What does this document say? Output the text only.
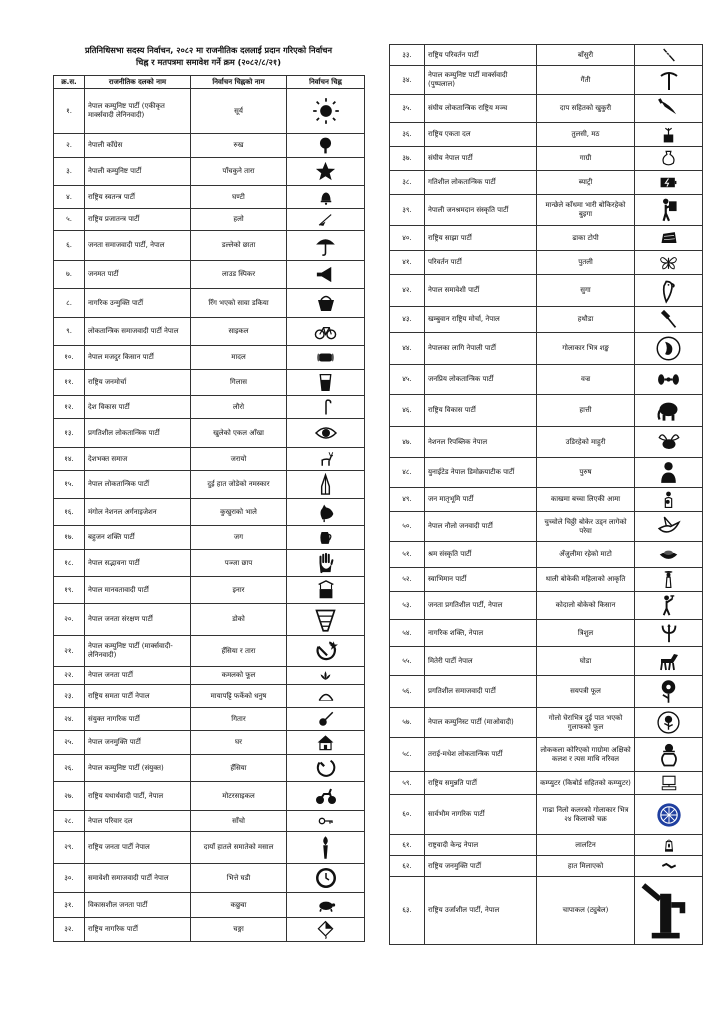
प्रतिनिधिसभा सदस्य निर्वाचन, २०८२ मा राजनीतिक दललाई प्रदान गरिएको निर्वाचन
चिह्न र मतपत्रमा समावेश गर्ने क्रम (२०८२/८/२१)
क्र.स.	राजनीतिक दलको नाम	निर्वाचन चिह्नको नाम	निर्वाचन चिह्न
१.	नेपाल कम्युनिष्ट पार्टी (एकीकृत मार्क्सवादी लेनिनवादी)	सूर्य	

२.	नेपाली काँग्रेस	रुख	

३.	नेपाली कम्युनिष्ट पार्टी	पाँचकुने तारा	

४.	राष्ट्रिय स्वतन्त्र पार्टी	घण्टी	

५.	राष्ट्रिय प्रजातन्त्र पार्टी	हलो	

६.	जनता समाजवादी पार्टी, नेपाल	डल्लेको छाता	

७.	जनमत पार्टी	लाउड स्पिकर	

८.	नागरिक उन्मुक्ति पार्टी	रिँग भएको सावा डकिया	

९.	लोकतान्त्रिक समाजवादी पार्टी नेपाल	साइकल	

१०.	नेपाल मजदुर किसान पार्टी	मादल	

११.	राष्ट्रिय जनमोर्चा	गिलास	

१२.	देश विकास पार्टी	लौरो	

१३.	प्रगतिशील लोकतान्त्रिक पार्टी	खुलेको एकल आँखा	

१४.	देशभक्त समाज	जरायो	

१५.	नेपाल लोकतान्त्रिक पार्टी	दुई हात जोडेको नमस्कार	

१६.	मंगोल नेशनल अर्गनाइजेशन	कुखुराको भाले	

१७.	बहुजन शक्ति पार्टी	जग	

१८.	नेपाल सद्भावना पार्टी	पञ्जा छाप	

१९.	नेपाल मानवतावादी पार्टी	इनार	

२०.	नेपाल जनता संरक्षण पार्टी	डोको	

२१.	नेपाल कम्युनिष्ट पार्टी (मार्क्सवादी-लेनिनवादी)	हँसिया र तारा	

२२.	नेपाल जनता पार्टी	कमलको फूल	

२३.	राष्ट्रिय समता पार्टी नेपाल	मायापट्टि फर्केको धनुष	

२४.	संयुक्त नागरिक पार्टी	गितार	

२५.	नेपाल जनमुक्ति पार्टी	घर	

२६.	नेपाल कम्युनिष्ट पार्टी (संयुक्त)	हँसिया	

२७.	राष्ट्रिय यथार्थवादी पार्टी, नेपाल	मोटरसाइकल	

२८.	नेपाल परिवार दल	साँचो	

२९.	राष्ट्रिय जनता पार्टी नेपाल	दायाँ हातले समातेको मसाल	

३०.	समावेशी समाजवादी पार्टी नेपाल	भित्ते घडी	

३१.	विकासशील जनता पार्टी	कछुवा	

३२.	राष्ट्रिय नागरिक पार्टी	चङ्गा	
३३.	राष्ट्रिय परिवर्तन पार्टी	बाँसुरी	

३४.	नेपाल कम्युनिष्ट पार्टी मार्क्सवादी (पुष्पलाल)	गैंती	

३५.	संघीय लोकतान्त्रिक राष्ट्रिय मञ्च	दाप सहितको खुकुरी	

३६.	राष्ट्रिय एकता दल	तुलसी, मठ	

३७.	संघीय नेपाल पार्टी	गाग्री	

३८.	गतिशील लोकतान्त्रिक पार्टी	ब्याट्री	

३९.	नेपाली जनश्रमदान संस्कृति पार्टी	मान्छेले काँधमा भारी बोकिरहेको बुइगा	

४०.	राष्ट्रिय साझा पार्टी	ढाका टोपी	

४१.	परिवर्तन पार्टी	पुतली	

४२.	नेपाल समावेशी पार्टी	सुगा	

४३.	खम्बुवान राष्ट्रिय मोर्चा, नेपाल	हथौडा	

४४.	नेपालका लागि नेपाली पार्टी	गोलाकार भित्र शङ्ख	

४५.	जनप्रिय लोकतान्त्रिक पार्टी	वज्र	

४६.	राष्ट्रिय विकास पार्टी	हात्ती	

४७.	नेशनल रिपब्लिक नेपाल	उडिरहेको माहुरी	

४८.	युनाईटेड नेपाल डिमोक्रयाटीक पार्टी	पुरुष	

४९.	जन मातृभूमि पार्टी	काखमा बच्चा लिएकी आमा	

५०.	नेपाल नौलो जनवादी पार्टी	चुच्चोले चिठ्ठी बोकेर उड्न लागेको परेवा	

५१.	श्रम संस्कृति पार्टी	अँजुलीमा रहेको माटो	

५२.	स्वाभिमान पार्टी	थाली बोकेकी महिलाको आकृति	

५३.	जनता प्रगतिशील पार्टी, नेपाल	कोदालो बोकेको किसान	

५४.	नागरिक शक्ति, नेपाल	त्रिशुल	

५५.	मितेरी पार्टी नेपाल	घोडा	

५६.	प्रगतिशील समाजवादी पार्टी	सयपत्री फूल	

५७.	नेपाल कम्युनिस्ट पार्टी (माओवादी)	गोलो घेराभित्र दुई पात भएको गुलाफको फूल	

५८.	तराई-मधेश लोकतान्त्रिक पार्टी	लोककला कोरिएको गाग्रोमा अक्षिको कलश र त्यस माथि नरिवल	

५९.	राष्ट्रिय समुन्नति पार्टी	कम्प्युटर (किबोर्ड सहितको कम्प्युटर)	

६०.	सार्वभौम नागरिक पार्टी	गाढा निलो कलरको गोलाकार भित्र २४ किलाको चक्र	

६१.	राष्ट्रवादी केन्द्र नेपाल	लालटिन	

६२.	राष्ट्रिय जनमुक्ति पार्टी	हात मिलाएको	

६३.	राष्ट्रिय उर्जाशील पार्टी, नेपाल	चापाकल (ट्युबेल)	
